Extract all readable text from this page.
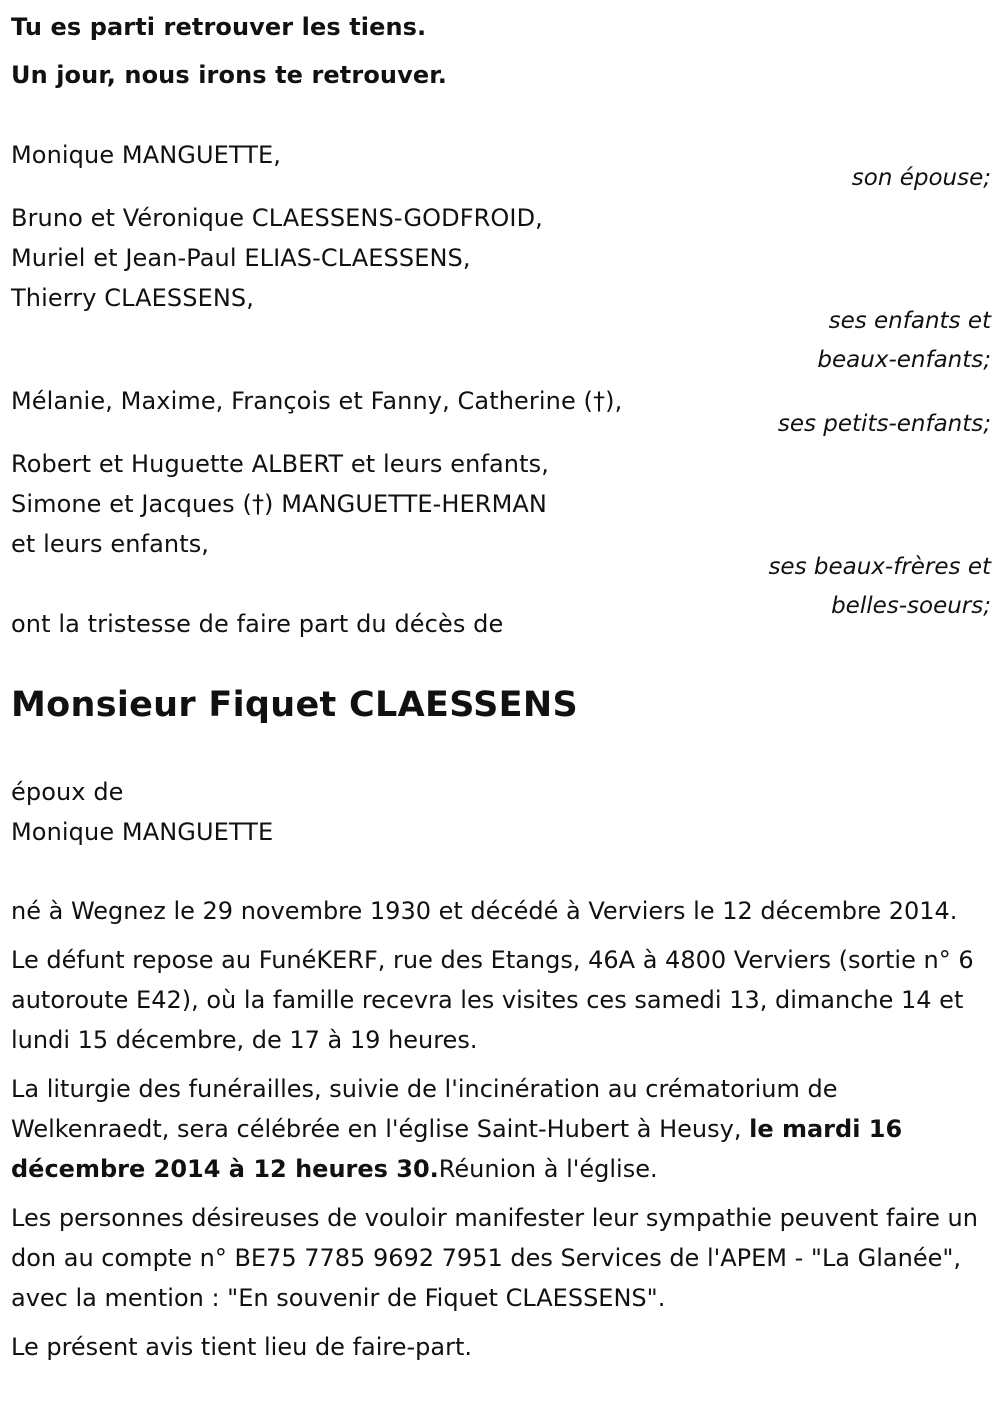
Tu es parti retrouver les tiens.

Un jour, nous irons te retrouver.

Monique MANGUETTE,

son épouse;
Bruno et Véronique CLAESSENS-GODFROID,
Muriel et Jean-Paul ELIAS-CLAESSENS,
Thierry CLAESSENS,
ses enfants et
beaux-enfants;

Mélanie, Maxime, François et Fanny, Catherine (†),

ses petits-enfants;
Robert et Huguette ALBERT et leurs enfants,
Simone et Jacques (†) MANGUETTE-HERMAN
et leurs enfants,
ses beaux-frères et
belles-soeurs;

ont la tristesse de faire part du décès de

Monsieur Fiquet CLAESSENS
époux de
Monique MANGUETTE

né à Wegnez le 29 novembre 1930 et décédé à Verviers le 12 décembre 2014.

Le défunt repose au FunéKERF, rue des Etangs, 46A à 4800 Verviers (sortie n° 6 autoroute E42), où la famille recevra les visites ces samedi 13, dimanche 14 et lundi 15 décembre, de 17 à 19 heures.

La liturgie des funérailles, suivie de l'incinération au crématorium de Welkenraedt, sera célébrée en l'église Saint-Hubert à Heusy, le mardi 16 décembre 2014 à 12 heures 30.Réunion à l'église.

Les personnes désireuses de vouloir manifester leur sympathie peuvent faire un don au compte n° BE75 7785 9692 7951 des Services de l'APEM - "La Glanée", avec la mention : "En souvenir de Fiquet CLAESSENS".

Le présent avis tient lieu de faire-part.
